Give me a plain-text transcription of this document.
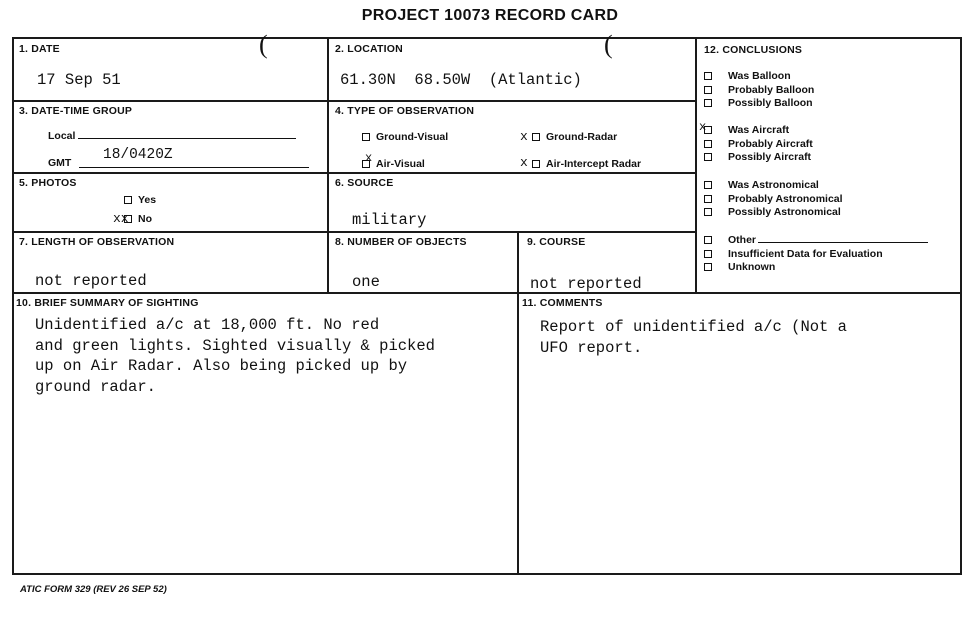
PROJECT 10073 RECORD CARD
(	(
1. DATE
17 Sep 51
2. LOCATION
61.30N  68.50W  (Atlantic)
3. DATE-TIME GROUP
Local
GMT 18/0420Z
4. TYPE OF OBSERVATION
Ground-Visual	Ground-Radar
x
Air-Visual
x	Air-Intercept Radar
x
5. PHOTOS
Yes
No
xx
6. SOURCE
military
7. LENGTH OF OBSERVATION
not reported
8. NUMBER OF OBJECTS
one
9. COURSE
not reported
10. BRIEF SUMMARY OF SIGHTING
Unidentified a/c at 18,000 ft. No red
and green lights. Sighted visually & picked
up on Air Radar. Also being picked up by
ground radar.
11. COMMENTS
Report of unidentified a/c (Not a
UFO report.
12. CONCLUSIONS
Was Balloon
Probably Balloon
Possibly Balloon
Was Aircraft
Probably Aircraft
Possibly Aircraft
x
Was Astronomical
Probably Astronomical
Possibly Astronomical
Other
Insufficient Data for Evaluation
Unknown
ATIC FORM 329 (REV 26 SEP 52)
